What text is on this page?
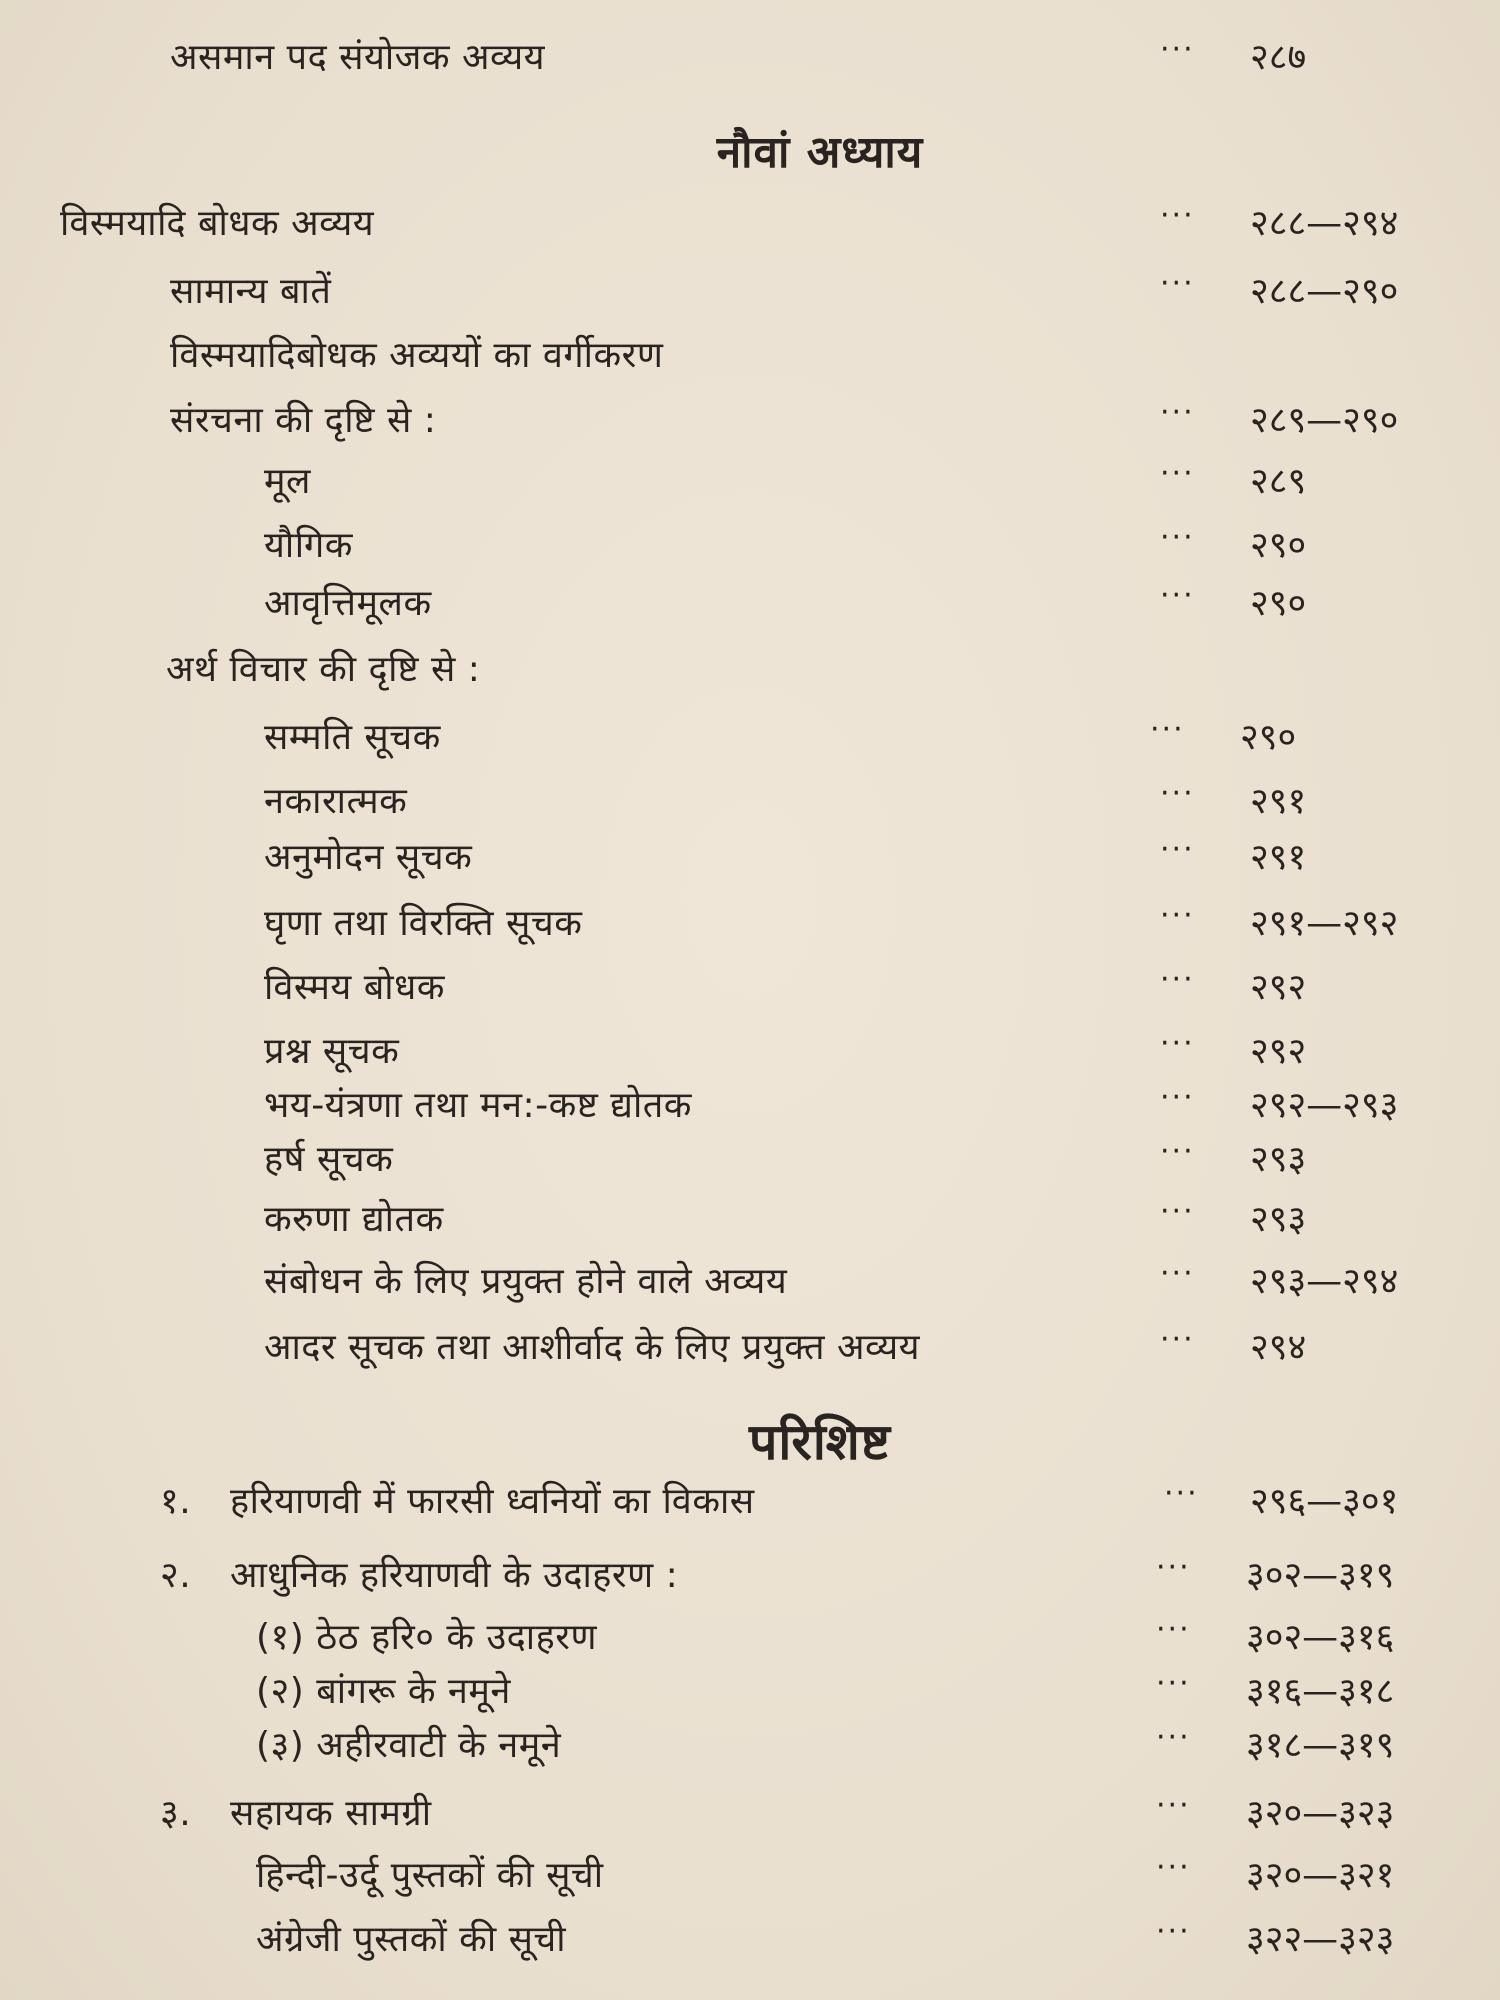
असमान पद संयोजक अव्यय	··· २८७
नौवां अध्याय
विस्मयादि बोधक अव्यय	··· २८८—२९४
सामान्य बातें	··· २८८—२९०
विस्मयादिबोधक अव्ययों का वर्गीकरण
संरचना की दृष्टि से :	··· २८९—२९०
मूल	··· २८९
यौगिक	··· २९०
आवृत्तिमूलक	··· २९०
अर्थ विचार की दृष्टि से :
सम्मति सूचक	··· २९०
नकारात्मक	··· २९१
अनुमोदन सूचक	··· २९१
घृणा तथा विरक्ति सूचक	··· २९१—२९२
विस्मय बोधक	··· २९२
प्रश्न सूचक	··· २९२
भय-यंत्रणा तथा मन:-कष्ट द्योतक	··· २९२—२९३
हर्ष सूचक	··· २९३
करुणा द्योतक	··· २९३
संबोधन के लिए प्रयुक्त होने वाले अव्यय	··· २९३—२९४
आदर सूचक तथा आशीर्वाद के लिए प्रयुक्त अव्यय	··· २९४
परिशिष्ट
१. हरियाणवी में फारसी ध्वनियों का विकास	··· २९६—३०१
२. आधुनिक हरियाणवी के उदाहरण :	··· ३०२—३१९
(१) ठेठ हरि० के उदाहरण	··· ३०२—३१६
(२) बांगरू के नमूने	··· ३१६—३१८
(३) अहीरवाटी के नमूने	··· ३१८—३१९
३. सहायक सामग्री	··· ३२०—३२३
हिन्दी-उर्दू पुस्तकों की सूची	··· ३२०—३२१
अंग्रेजी पुस्तकों की सूची	··· ३२२—३२३
